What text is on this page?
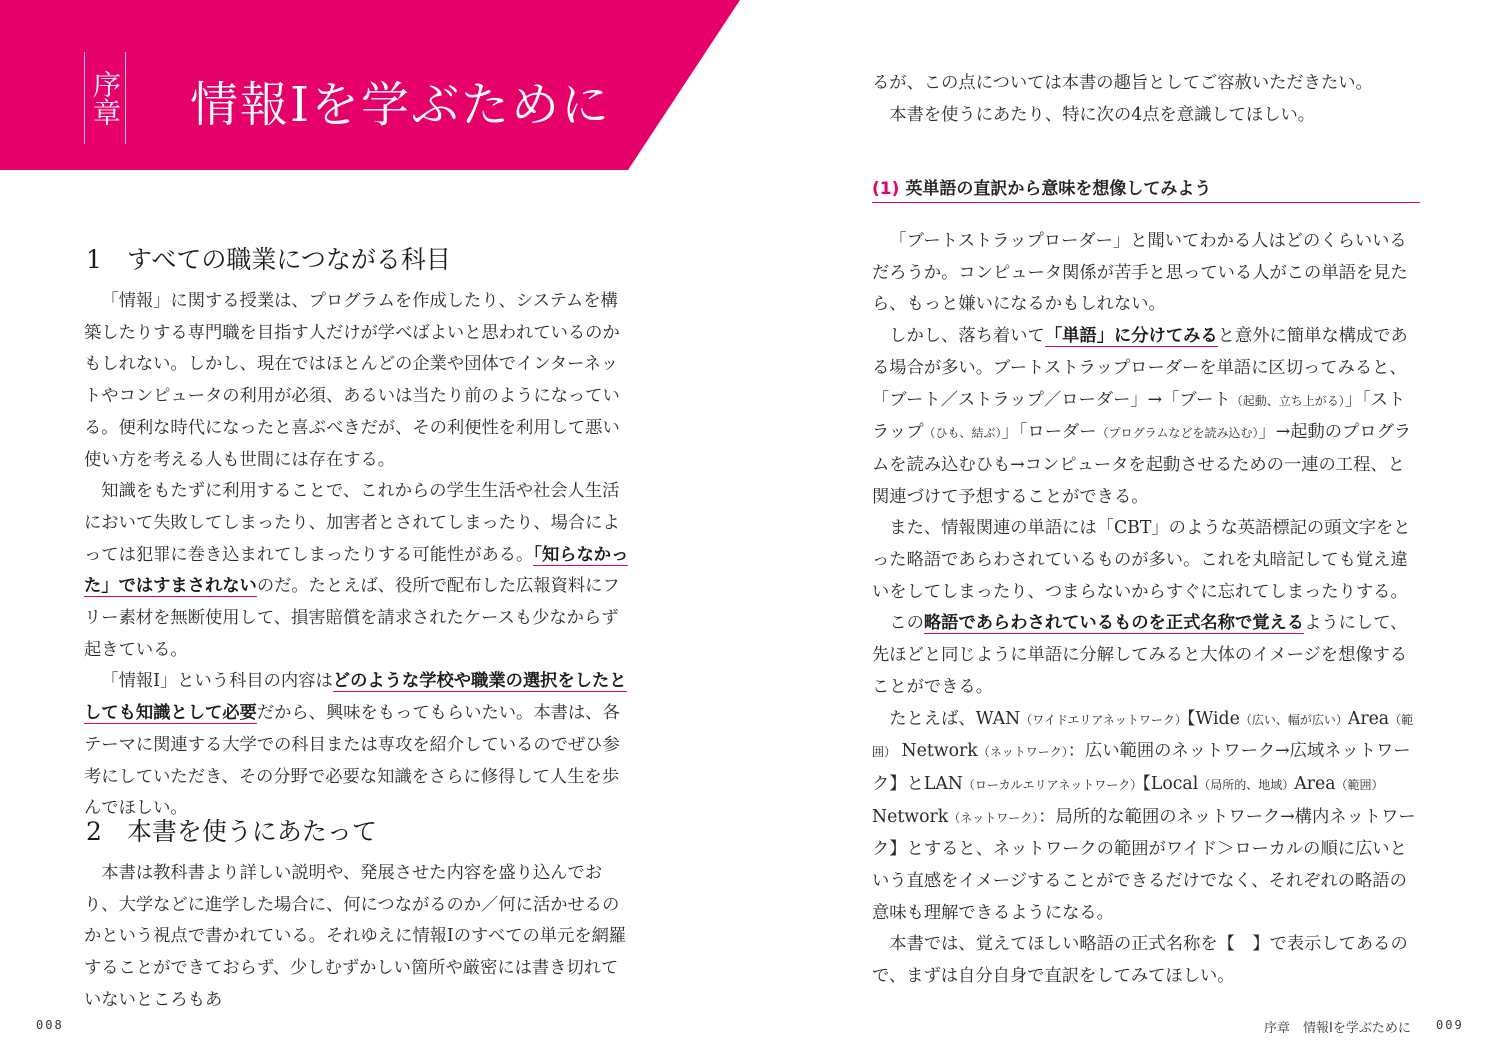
序章 情報Ⅰを学ぶために
1　すべての職業につながる科目

「情報」に関する授業は、プログラムを作成したり、システムを構築したりする専門職を目指す人だけが学べばよいと思われているのかもしれない。しかし、現在ではほとんどの企業や団体でインターネットやコンピュータの利用が必須、あるいは当たり前のようになっている。便利な時代になったと喜ぶべきだが、その利便性を利用して悪い使い方を考える人も世間には存在する。

知識をもたずに利用することで、これからの学生生活や社会人生活において失敗してしまったり、加害者とされてしまったり、場合によっては犯罪に巻き込まれてしまったりする可能性がある。「知らなかった」ではすまされないのだ。たとえば、役所で配布した広報資料にフリー素材を無断使用して、損害賠償を請求されたケースも少なからず起きている。

「情報Ⅰ」という科目の内容はどのような学校や職業の選択をしたとしても知識として必要だから、興味をもってもらいたい。本書は、各テーマに関連する大学での科目または専攻を紹介しているのでぜひ参考にしていただき、その分野で必要な知識をさらに修得して人生を歩んでほしい。

2　本書を使うにあたって

本書は教科書より詳しい説明や、発展させた内容を盛り込んでおり、大学などに進学した場合に、何につながるのか／何に活かせるのかという視点で書かれている。それゆえに情報Ⅰのすべての単元を網羅することができておらず、少しむずかしい箇所や厳密には書き切れていないところもあ

008

るが、この点については本書の趣旨としてご容赦いただきたい。

本書を使うにあたり、特に次の4点を意識してほしい。

(1) 英単語の直訳から意味を想像してみよう

「ブートストラップローダー」と聞いてわかる人はどのくらいいるだろうか。コンピュータ関係が苦手と思っている人がこの単語を見たら、もっと嫌いになるかもしれない。

しかし、落ち着いて「単語」に分けてみると意外に簡単な構成である場合が多い。ブートストラップローダーを単語に区切ってみると、「ブート／ストラップ／ローダー」→「ブート（起動、立ち上がる）」「ストラップ（ひも、結ぶ）」「ローダー（プログラムなどを読み込む）」→起動のプログラムを読み込むひも→コンピュータを起動させるための一連の工程、と関連づけて予想することができる。

また、情報関連の単語には「CBT」のような英語標記の頭文字をとった略語であらわされているものが多い。これを丸暗記しても覚え違いをしてしまったり、つまらないからすぐに忘れてしまったりする。

この略語であらわされているものを正式名称で覚えるようにして、先ほどと同じように単語に分解してみると大体のイメージを想像することができる。

たとえば、WAN（ワイドエリアネットワーク）【Wide（広い、幅が広い）Area（範囲） Network（ネットワーク）：広い範囲のネットワーク→広域ネットワーク】とLAN（ローカルエリアネットワーク）【Local（局所的、地域）Area（範囲） Network（ネットワーク）：局所的な範囲のネットワーク→構内ネットワーク】とすると、ネットワークの範囲がワイド＞ローカルの順に広いという直感をイメージすることができるだけでなく、それぞれの略語の意味も理解できるようになる。

本書では、覚えてほしい略語の正式名称を【　】で表示してあるので、まずは自分自身で直訳をしてみてほしい。

序章　情報Ⅰを学ぶために 009
